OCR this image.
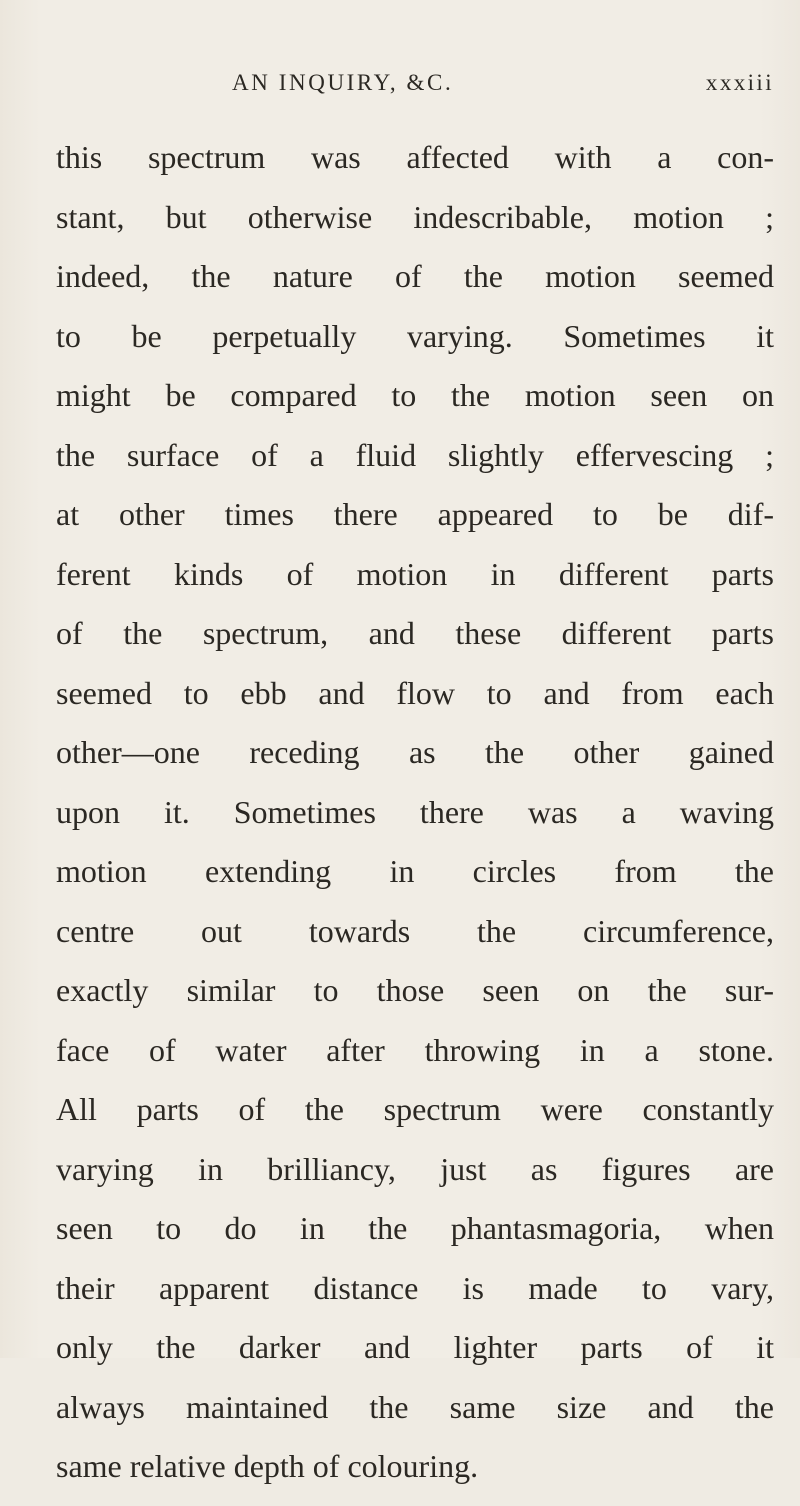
AN INQUIRY, &C.	xxxiii
this spectrum was affected with a con-
stant, but otherwise indescribable, motion ;
indeed, the nature of the motion seemed
to be perpetually varying. Sometimes it
might be compared to the motion seen on
the surface of a fluid slightly effervescing ;
at other times there appeared to be dif-
ferent kinds of motion in different parts
of the spectrum, and these different parts
seemed to ebb and flow to and from each
other—one receding as the other gained
upon it. Sometimes there was a waving
motion extending in circles from the
centre out towards the circumference,
exactly similar to those seen on the sur-
face of water after throwing in a stone.
All parts of the spectrum were constantly
varying in brilliancy, just as figures are
seen to do in the phantasmagoria, when
their apparent distance is made to vary,
only the darker and lighter parts of it
always maintained the same size and the
same relative depth of colouring.
